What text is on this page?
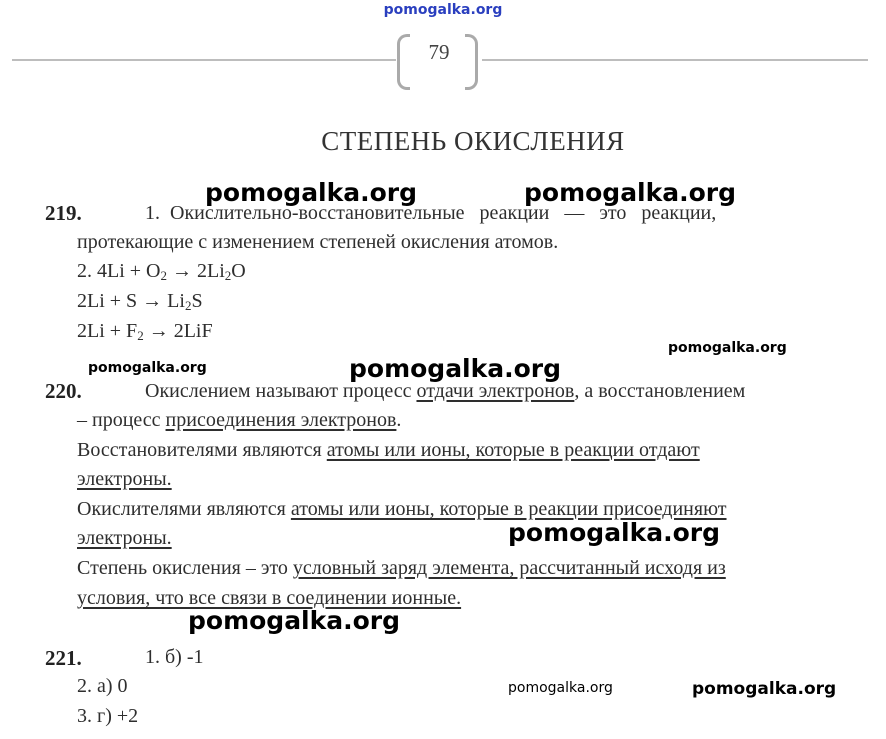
pomogalka.org
79
СТЕПЕНЬ ОКИСЛЕНИЯ
219.	1.  Окислительно-восстановительные   реакции   —   это   реакции,
протекающие с изменением степеней окисления атомов.
2. $4Li + O_2 \to 2Li_2O$
$2Li + S \to Li_2S$
$2Li + F_2 \to 2LiF$
220.	Окислением называют процесс отдачи электронов, а восстановлением
– процесс присоединения электронов.
Восстановителями являются атомы или ионы, которые в реакции отдают
электроны.
Окислителями являются атомы или ионы, которые в реакции присоединяют
электроны.
Степень окисления – это условный заряд элемента, рассчитанный исходя из
условия, что все связи в соединении ионные.
221.	1. б) -1
2. а) 0
3. г) +2
pomogalka.org	pomogalka.org
pomogalka.org	pomogalka.org
pomogalka.org
pomogalka.org
pomogalka.org
pomogalka.org	pomogalka.org
